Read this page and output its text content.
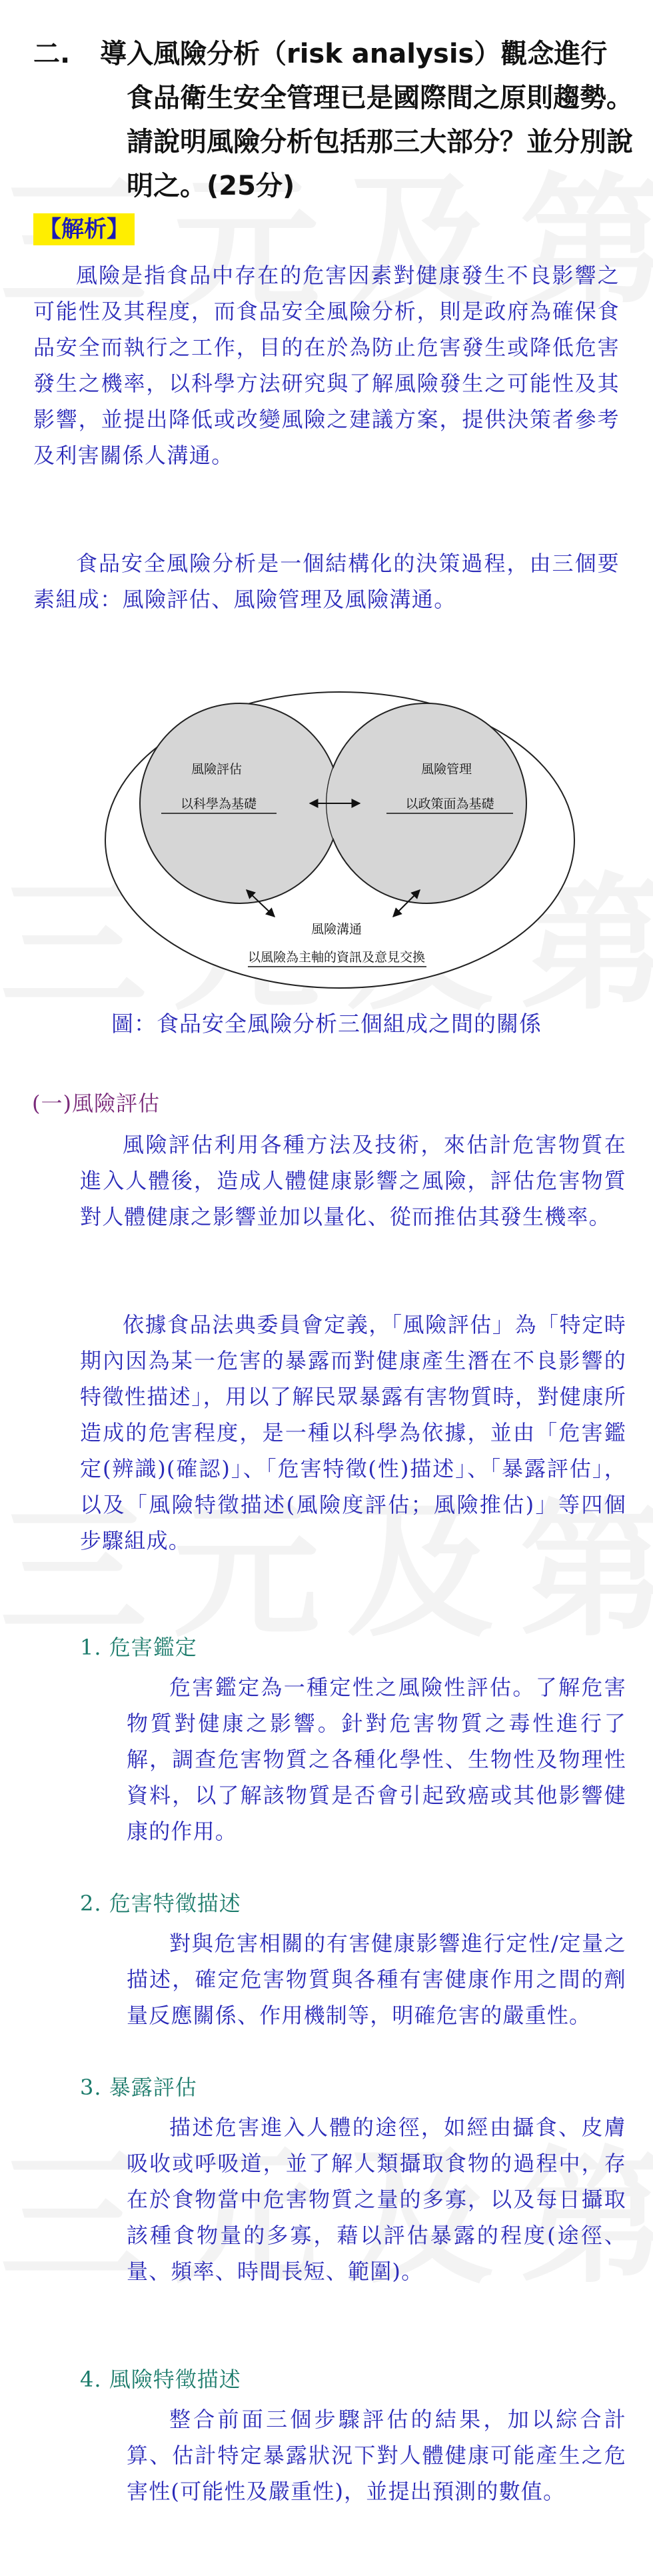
二.	導入風險分析（risk analysis）觀念進行食品衛生安全管理已是國際間之原則趨勢。請說明風險分析包括那三大部分？並分別說明之。(25分)
【解析】
風險是指食品中存在的危害因素對健康發生不良影響之可能性及其程度，而食品安全風險分析，則是政府為確保食品安全而執行之工作，目的在於為防止危害發生或降低危害發生之機率，以科學方法研究與了解風險發生之可能性及其影響，並提出降低或改變風險之建議方案，提供決策者參考及利害關係人溝通。
食品安全風險分析是一個結構化的決策過程，由三個要素組成：風險評估、風險管理及風險溝通。
風險評估
以科學為基礎
風險管理
以政策面為基礎
風險溝通
以風險為主軸的資訊及意見交換
圖：食品安全風險分析三個組成之間的關係
(一)風險評估
風險評估利用各種方法及技術，來估計危害物質在進入人體後，造成人體健康影響之風險，評估危害物質對人體健康之影響並加以量化、從而推估其發生機率。
依據食品法典委員會定義，「風險評估」為「特定時期內因為某一危害的暴露而對健康產生潛在不良影響的特徵性描述」，用以了解民眾暴露有害物質時，對健康所造成的危害程度，是一種以科學為依據，並由「危害鑑定(辨識)(確認)」、「危害特徵(性)描述」、「暴露評估」，以及「風險特徵描述(風險度評估；風險推估)」等四個步驟組成。
1. 危害鑑定
危害鑑定為一種定性之風險性評估。了解危害物質對健康之影響。針對危害物質之毒性進行了解，調查危害物質之各種化學性、生物性及物理性資料，以了解該物質是否會引起致癌或其他影響健康的作用。
2. 危害特徵描述
對與危害相關的有害健康影響進行定性/定量之描述，確定危害物質與各種有害健康作用之間的劑量反應關係、作用機制等，明確危害的嚴重性。
3. 暴露評估
描述危害進入人體的途徑，如經由攝食、皮膚吸收或呼吸道，並了解人類攝取食物的過程中，存在於食物當中危害物質之量的多寡，以及每日攝取該種食物量的多寡，藉以評估暴露的程度(途徑、量、頻率、時間長短、範圍)。
4. 風險特徵描述
整合前面三個步驟評估的結果，加以綜合計算、估計特定暴露狀況下對人體健康可能產生之危害性(可能性及嚴重性)，並提出預測的數值。
